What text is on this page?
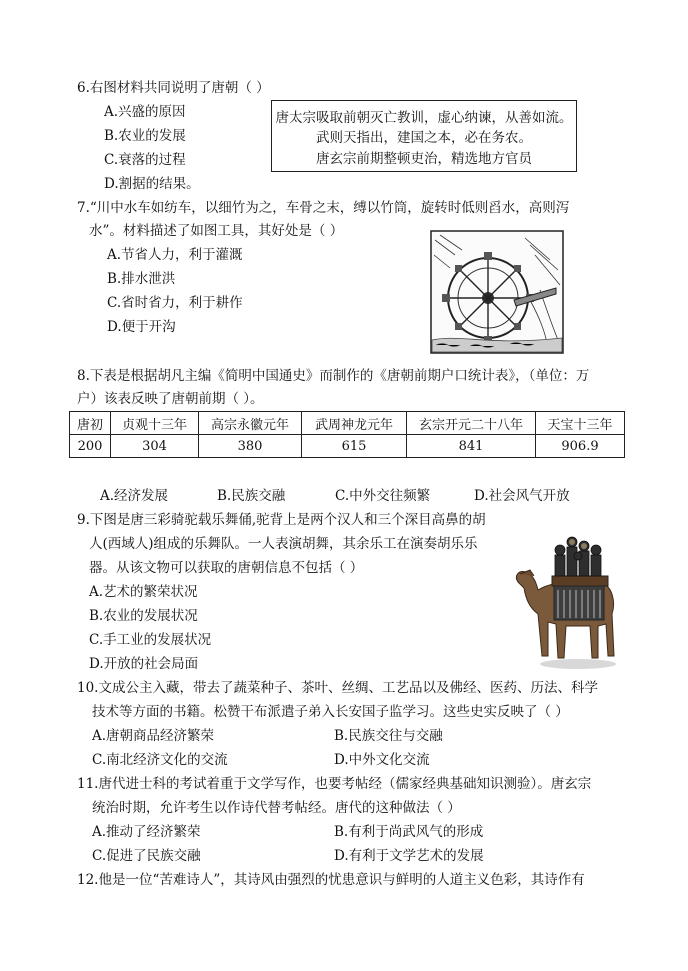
6.右图材料共同说明了唐朝（ ）
A.兴盛的原因
B.农业的发展
C.衰落的过程
D.割据的结果。
唐太宗吸取前朝灭亡教训，虚心纳谏，从善如流。
武则天指出，建国之本，必在务农。
唐玄宗前期整顿吏治，精选地方官员
7.“川中水车如纺车，以细竹为之，车骨之末，缚以竹筒，旋转时低则舀水，高则泻
水”。材料描述了如图工具，其好处是（ ）
A.节省人力，利于灌溉
B.排水泄洪
C.省时省力，利于耕作
D.便于开沟
8.下表是根据胡凡主编《简明中国通史》而制作的《唐朝前期户口统计表》，（单位：万
户）该表反映了唐朝前期（ ）。
唐初	贞观十三年	高宗永徽元年	武周神龙元年	玄宗开元二十八年	天宝十三年
200	304	380	615	841	906.9
A.经济发展	B.民族交融	C.中外交往频繁	D.社会风气开放
9.下图是唐三彩骑驼载乐舞俑,驼背上是两个汉人和三个深目高鼻的胡
人(西域人)组成的乐舞队。一人表演胡舞，其余乐工在演奏胡乐乐
器。从该文物可以获取的唐朝信息不包括（ ）
A.艺术的繁荣状况
B.农业的发展状况
C.手工业的发展状况
D.开放的社会局面
10.文成公主入藏，带去了蔬菜种子、茶叶、丝绸、工艺品以及佛经、医药、历法、科学
技术等方面的书籍。松赞干布派遣子弟入长安国子监学习。这些史实反映了（ ）
A.唐朝商品经济繁荣	B.民族交往与交融
C.南北经济文化的交流	D.中外文化交流
11.唐代进士科的考试着重于文学写作，也要考帖经（儒家经典基础知识测验）。唐玄宗
统治时期，允许考生以作诗代替考帖经。唐代的这种做法（ ）
A.推动了经济繁荣	B.有利于尚武风气的形成
C.促进了民族交融	D.有利于文学艺术的发展
12.他是一位“苦难诗人”，其诗风由强烈的忧患意识与鲜明的人道主义色彩，其诗作有
